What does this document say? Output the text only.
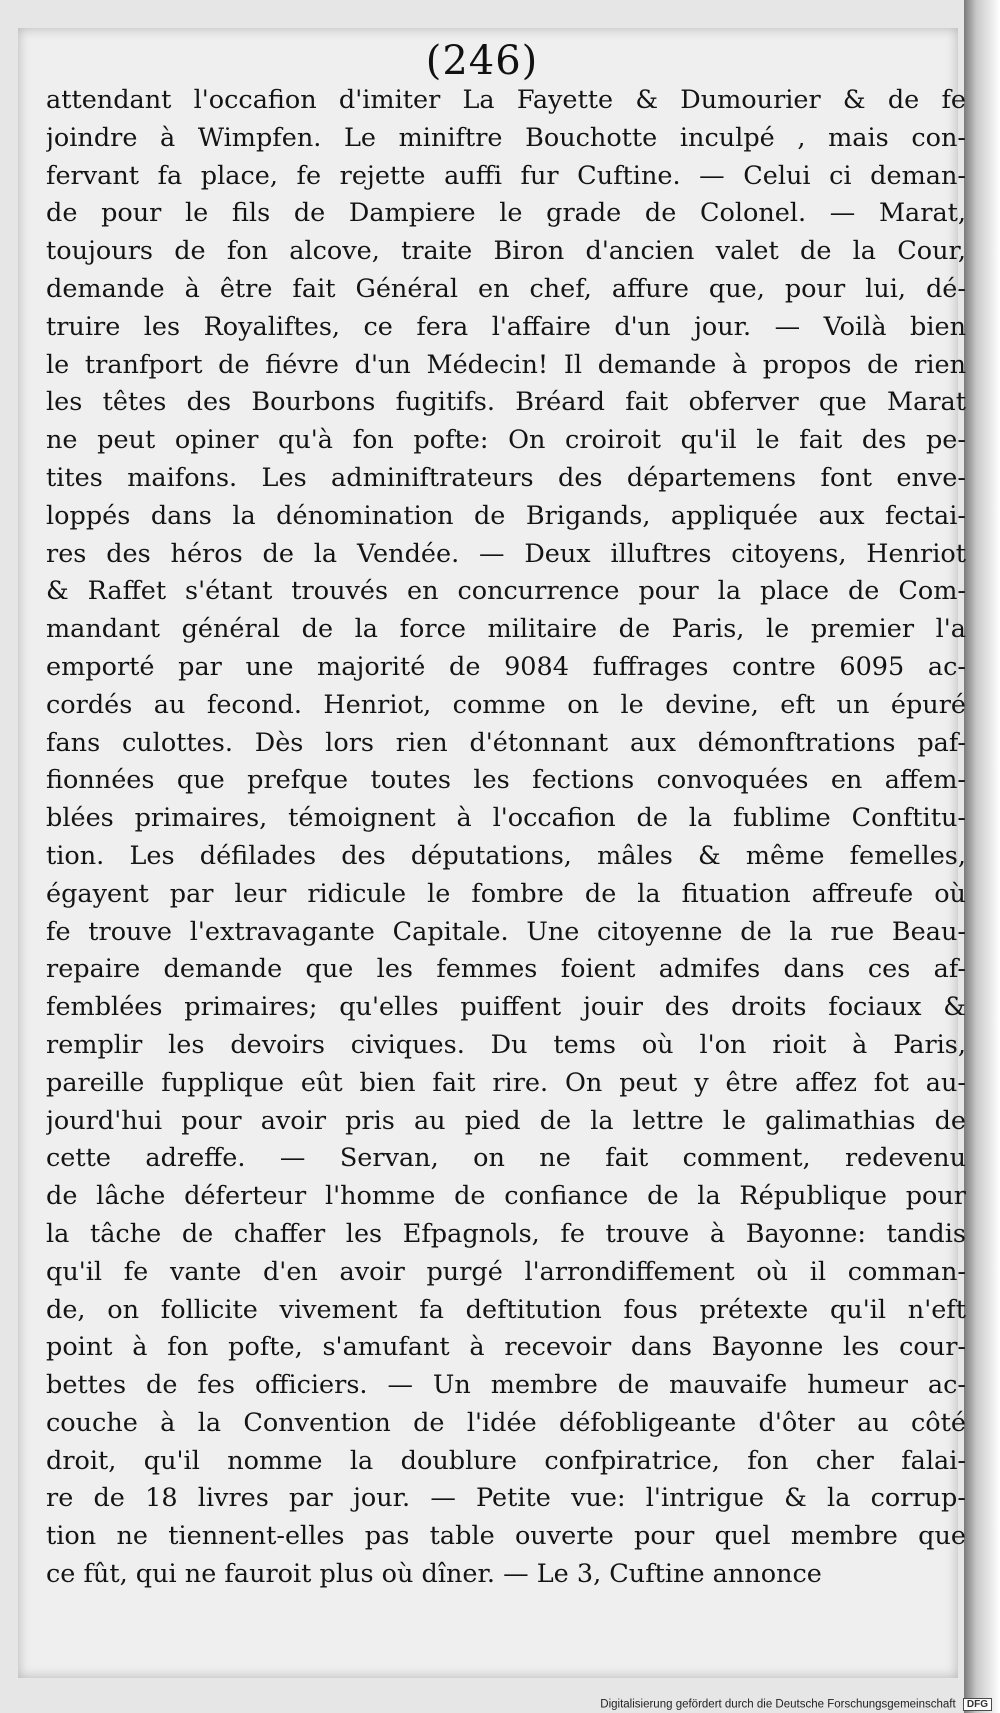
(246)
attendant l'occafion d'imiter La Fayette & Dumourier & de fe
joindre à Wimpfen. Le miniftre Bouchotte inculpé , mais con-
fervant fa place, fe rejette auffi fur Cuftine. — Celui ci deman-
de pour le fils de Dampiere le grade de Colonel. — Marat,
toujours de fon alcove, traite Biron d'ancien valet de la Cour,
demande à être fait Général en chef, affure que, pour lui, dé-
truire les Royaliftes, ce fera l'affaire d'un jour. — Voilà bien
le tranfport de fiévre d'un Médecin! Il demande à propos de rien
les têtes des Bourbons fugitifs. Bréard fait obferver que Marat
ne peut opiner qu'à fon pofte: On croiroit qu'il le fait des pe-
tites maifons. Les adminiftrateurs des départemens font enve-
loppés dans la dénomination de Brigands, appliquée aux fectai-
res des héros de la Vendée. — Deux illuftres citoyens, Henriot
& Raffet s'étant trouvés en concurrence pour la place de Com-
mandant général de la force militaire de Paris, le premier l'a
emporté par une majorité de 9084 fuffrages contre 6095 ac-
cordés au fecond. Henriot, comme on le devine, eft un épuré
fans culottes. Dès lors rien d'étonnant aux démonftrations paf-
fionnées que prefque toutes les fections convoquées en affem-
blées primaires, témoignent à l'occafion de la fublime Conftitu-
tion. Les défilades des députations, mâles & même femelles,
égayent par leur ridicule le fombre de la fituation affreufe où
fe trouve l'extravagante Capitale. Une citoyenne de la rue Beau-
repaire demande que les femmes foient admifes dans ces af-
femblées primaires; qu'elles puiffent jouir des droits fociaux &
remplir les devoirs civiques. Du tems où l'on rioit à Paris,
pareille fupplique eût bien fait rire. On peut y être affez fot au-
jourd'hui pour avoir pris au pied de la lettre le galimathias de
cette adreffe. — Servan, on ne fait comment, redevenu
de lâche déferteur l'homme de confiance de la République pour
la tâche de chaffer les Efpagnols, fe trouve à Bayonne: tandis
qu'il fe vante d'en avoir purgé l'arrondiffement où il comman-
de, on follicite vivement fa deftitution fous prétexte qu'il n'eft
point à fon pofte, s'amufant à recevoir dans Bayonne les cour-
bettes de fes officiers. — Un membre de mauvaife humeur ac-
couche à la Convention de l'idée défobligeante d'ôter au côté
droit, qu'il nomme la doublure confpiratrice, fon cher falai-
re de 18 livres par jour. — Petite vue: l'intrigue & la corrup-
tion ne tiennent-elles pas table ouverte pour quel membre que
ce fût, qui ne fauroit plus où dîner. — Le 3, Cuftine annonce
Digitalisierung gefördert durch die Deutsche Forschungsgemeinschaft DFG
